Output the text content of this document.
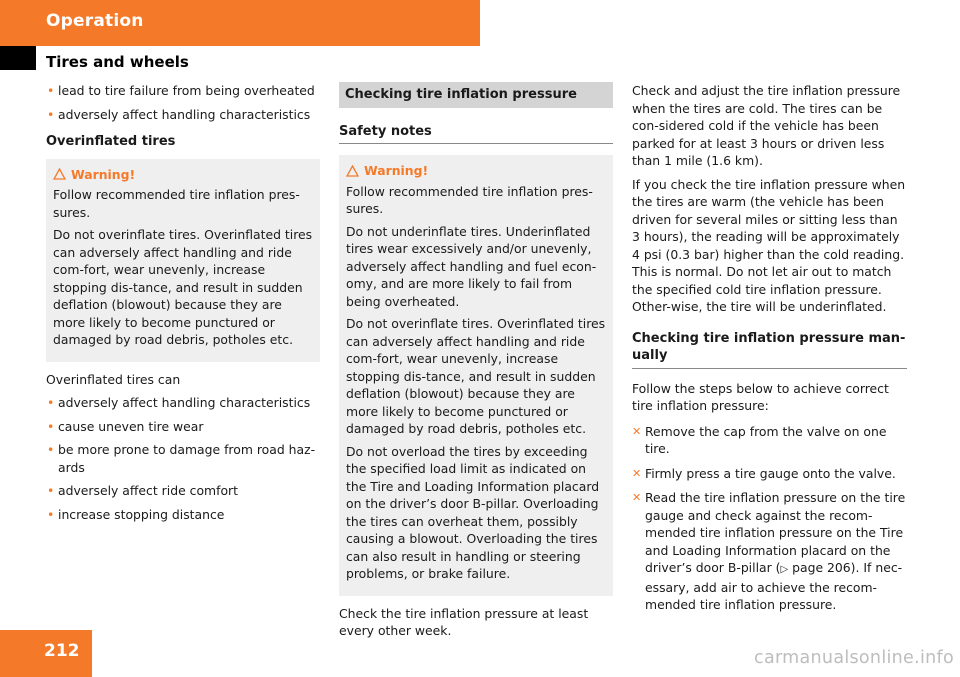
Operation
Tires and wheels
• lead to tire failure from being overheated
• adversely affect handling characteristics
Overinflated tires
Warning!
Follow recommended tire inflation pres-sures.
Do not overinflate tires. Overinflated tires can adversely affect handling and ride com-fort, wear unevenly, increase stopping dis-tance, and result in sudden deflation (blowout) because they are more likely to become punctured or damaged by road debris, potholes etc.
Overinflated tires can
• adversely affect handling characteristics
• cause uneven tire wear
• be more prone to damage from road haz-ards
• adversely affect ride comfort
• increase stopping distance
Checking tire inflation pressure
Safety notes
Warning!
Follow recommended tire inflation pres-sures.
Do not underinflate tires. Underinflated tires wear excessively and/or unevenly, adversely affect handling and fuel econ-omy, and are more likely to fail from being overheated.
Do not overinflate tires. Overinflated tires can adversely affect handling and ride com-fort, wear unevenly, increase stopping dis-tance, and result in sudden deflation (blowout) because they are more likely to become punctured or damaged by road debris, potholes etc.
Do not overload the tires by exceeding the specified load limit as indicated on the Tire and Loading Information placard on the driver’s door B-pillar. Overloading the tires can overheat them, possibly causing a blowout. Overloading the tires can also result in handling or steering problems, or brake failure.
Check the tire inflation pressure at least every other week.
Check and adjust the tire inflation pressure when the tires are cold. The tires can be con-sidered cold if the vehicle has been parked for at least 3 hours or driven less than 1 mile (1.6 km).
If you check the tire inflation pressure when the tires are warm (the vehicle has been driven for several miles or sitting less than 3 hours), the reading will be approximately 4 psi (0.3 bar) higher than the cold reading. This is normal. Do not let air out to match the specified cold tire inflation pressure. Other-wise, the tire will be underinflated.
Checking tire inflation pressure man-ually
Follow the steps below to achieve correct tire inflation pressure:
✕ Remove the cap from the valve on one tire.
✕ Firmly press a tire gauge onto the valve.
✕ Read the tire inflation pressure on the tire gauge and check against the recom-mended tire inflation pressure on the Tire and Loading Information placard on the driver’s door B-pillar (▷ page 206). If nec-essary, add air to achieve the recom-mended tire inflation pressure.
212	carmanualsonline.info
